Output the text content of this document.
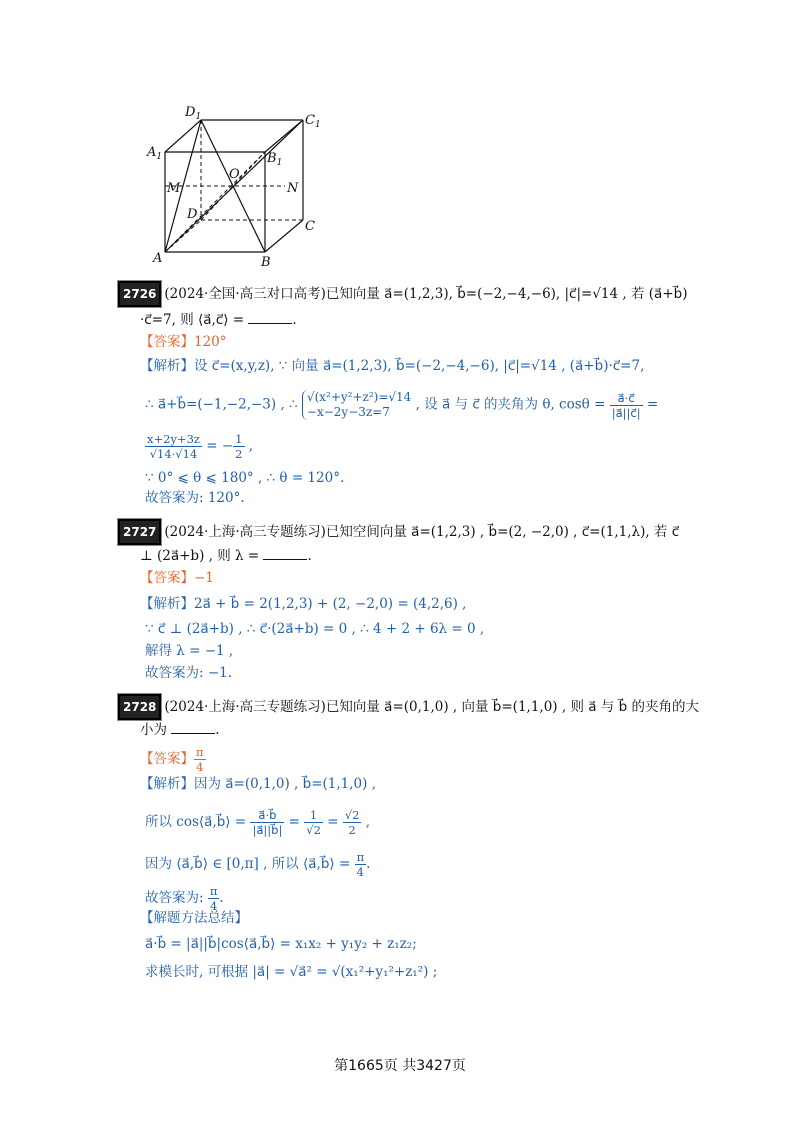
$D_1$	$C_1$
$A_1$	$B_1$
O
M	N
D
C
A	B
2726 (2024·全国·高三对口高考)已知向量 a⃗=(1,2,3), b⃗=(−2,−4,−6), |c⃗|=√14 , 若 (a⃗+b⃗)
·c⃗=7, 则 ⟨a⃗,c⃗⟩ =	.
【答案】120°
【解析】设 c⃗=(x,y,z), ∵ 向量 a⃗=(1,2,3), b⃗=(−2,−4,−6), |c⃗|=√14 , (a⃗+b⃗)·c⃗=7,
∴ a⃗+b⃗=(−1,−2,−3) , ∴ √(x²+y²+z²)=√14
−x−2y−3z=7	, 设 a⃗ 与 c⃗ 的夹角为 θ, $\cos\theta = \frac{a⃗\cdot c⃗}{|a⃗||c⃗|}$ =
$\frac{x+2y+3z}{√14\cdot√14}$ = − $\frac{1}{2}$ ,
∵ 0° ⩽ θ ⩽ 180° , ∴ θ = 120°.
故答案为: 120°.
2727 (2024·上海·高三专题练习)已知空间向量 a⃗=(1,2,3) , b⃗=(2, −2,0) , c⃗=(1,1,λ), 若 c⃗
⊥ (2a⃗+b) , 则 λ =	.
【答案】−1
【解析】2a⃗ + b⃗ = 2(1,2,3) + (2, −2,0) = (4,2,6) ,
∵ c⃗ ⊥ (2a⃗+b) , ∴ c⃗·(2a⃗+b) = 0 , ∴ 4 + 2 + 6λ = 0 ,
解得 λ = −1 ,
故答案为: −1.
2728 (2024·上海·高三专题练习)已知向量 a⃗=(0,1,0) , 向量 b⃗=(1,1,0) , 则 a⃗ 与 b⃗ 的夹角的大
小为	.
【答案】 $\frac{\pi}{4}$
【解析】因为 a⃗=(0,1,0) , b⃗=(1,1,0) ,
所以 cos⟨a⃗,b⃗⟩ = $\frac{a⃗\cdot b⃗}{|a⃗||b⃗|} = \frac{1}{√2} = \frac{√2}{2}$ ,
因为 ⟨a⃗,b⃗⟩ ∈ [0,π] , 所以 ⟨a⃗,b⃗⟩ = $\frac{\pi}{4}$ .
故答案为: $\frac{\pi}{4}$ .
【解题方法总结】
a⃗·b⃗ = |a⃗||b⃗|cos⟨a⃗,b⃗⟩ = x₁x₂ + y₁y₂ + z₁z₂;
求模长时, 可根据 |a⃗| = √a⃗² = √(x₁²+y₁²+z₁²) ;
第1665页 共3427页
